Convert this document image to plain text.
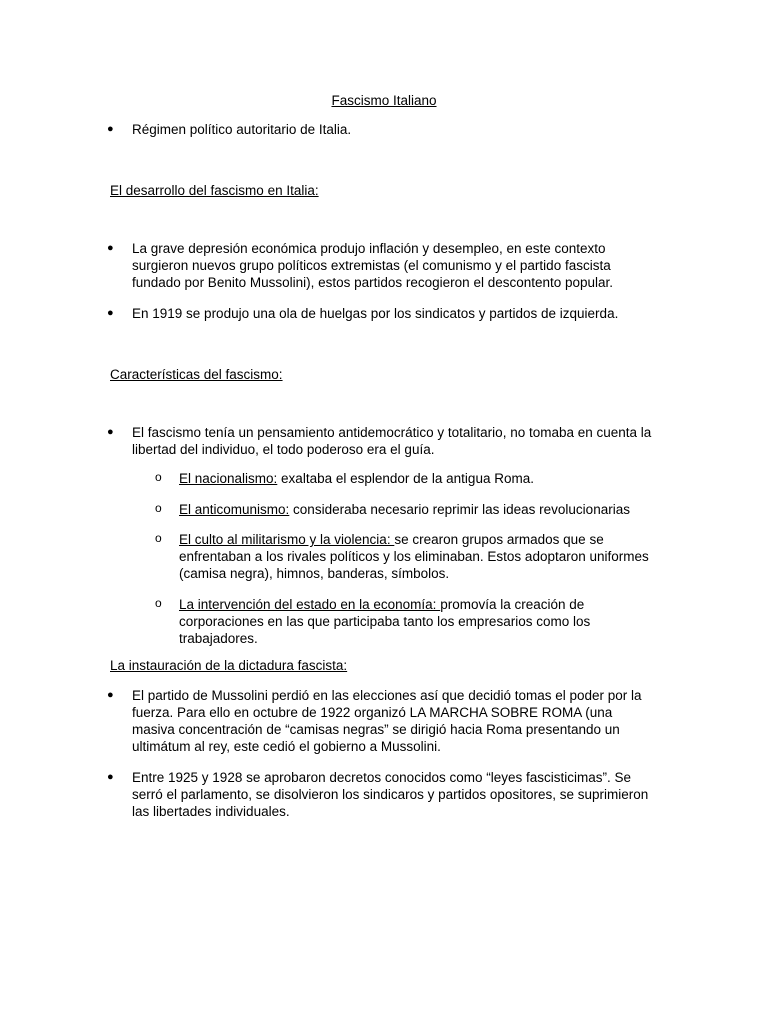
Fascismo Italiano
● Régimen político autoritario de Italia.
El desarrollo del fascismo en Italia:
● La grave depresión económica produjo inflación y desempleo, en este contexto surgieron nuevos grupo políticos extremistas (el comunismo y el partido fascista fundado por Benito Mussolini), estos partidos recogieron el descontento popular.
● En 1919 se produjo una ola de huelgas por los sindicatos y partidos de izquierda.
Características del fascismo:
● El fascismo tenía un pensamiento antidemocrático y totalitario, no tomaba en cuenta la libertad del individuo, el todo poderoso era el guía.
o El nacionalismo: exaltaba el esplendor de la antigua Roma.
o El anticomunismo: consideraba necesario reprimir las ideas revolucionarias
o El culto al militarismo y la violencia: se crearon grupos armados que se enfrentaban a los rivales políticos y los eliminaban. Estos adoptaron uniformes (camisa negra), himnos, banderas, símbolos.
o La intervención del estado en la economía: promovía la creación de corporaciones en las que participaba tanto los empresarios como los trabajadores.
La instauración de la dictadura fascista:
● El partido de Mussolini perdió en las elecciones así que decidió tomas el poder por la fuerza. Para ello en octubre de 1922 organizó LA MARCHA SOBRE ROMA (una masiva concentración de “camisas negras” se dirigió hacia Roma presentando un ultimátum al rey, este cedió el gobierno a Mussolini.
● Entre 1925 y 1928 se aprobaron decretos conocidos como “leyes fascisticimas”. Se serró el parlamento, se disolvieron los sindicaros y partidos opositores, se suprimieron las libertades individuales.
